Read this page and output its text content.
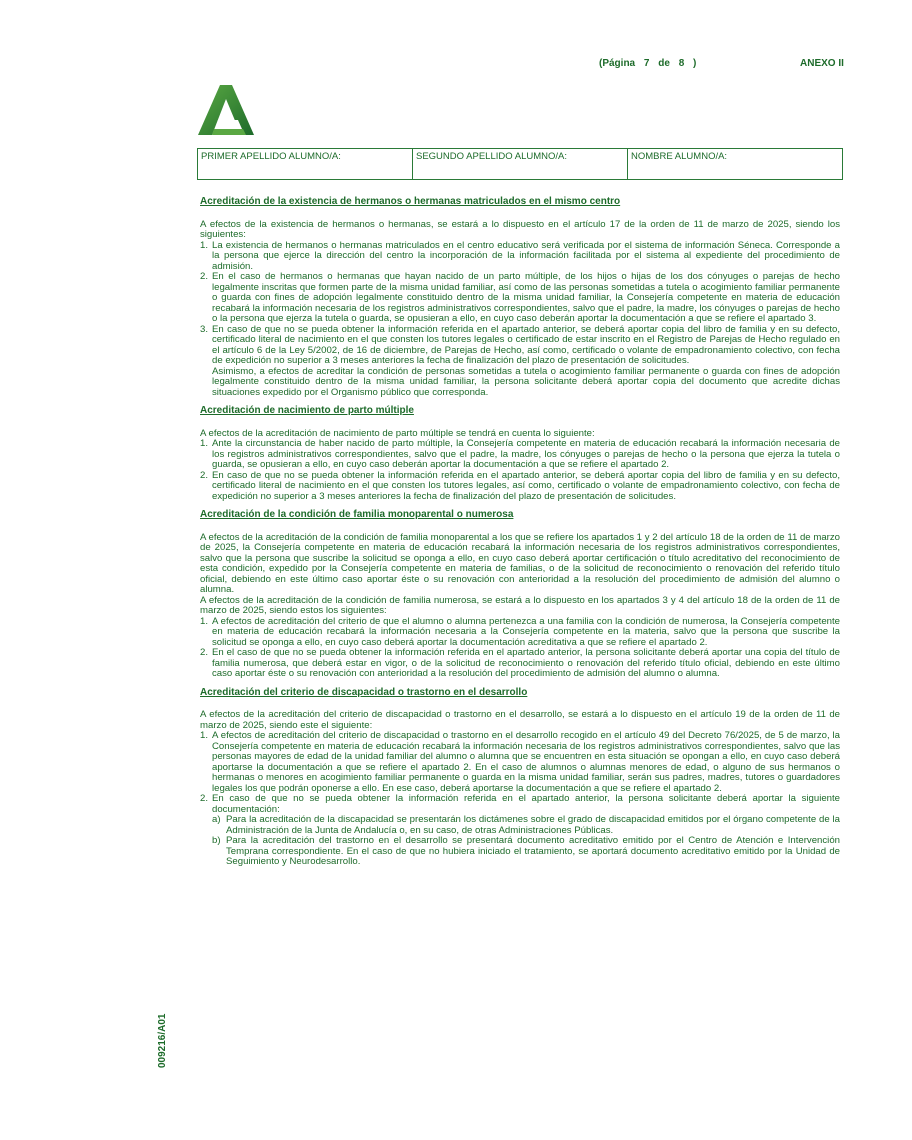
(Página 7 de 8 )	ANEXO II
PRIMER APELLIDO ALUMNO/A:	SEGUNDO APELLIDO ALUMNO/A:	NOMBRE ALUMNO/A:
Acreditación de la existencia de hermanos o hermanas matriculados en el mismo centro

A efectos de la existencia de hermanos o hermanas, se estará a lo dispuesto en el artículo 17 de la orden de 11 de marzo de 2025, siendo los siguientes:

1. La existencia de hermanos o hermanas matriculados en el centro educativo será verificada por el sistema de información Séneca. Corresponde a la persona que ejerce la dirección del centro la incorporación de la información facilitada por el sistema al expediente del procedimiento de admisión.
2. En el caso de hermanos o hermanas que hayan nacido de un parto múltiple, de los hijos o hijas de los dos cónyuges o parejas de hecho legalmente inscritas que formen parte de la misma unidad familiar, así como de las personas sometidas a tutela o acogimiento familiar permanente o guarda con fines de adopción legalmente constituido dentro de la misma unidad familiar, la Consejería competente en materia de educación recabará la información necesaria de los registros administrativos correspondientes, salvo que el padre, la madre, los cónyuges o parejas de hecho o la persona que ejerza la tutela o guarda, se opusieran a ello, en cuyo caso deberán aportar la documentación a que se refiere el apartado 3.
3. En caso de que no se pueda obtener la información referida en el apartado anterior, se deberá aportar copia del libro de familia y en su defecto, certificado literal de nacimiento en el que consten los tutores legales o certificado de estar inscrito en el Registro de Parejas de Hecho regulado en el artículo 6 de la Ley 5/2002, de 16 de diciembre, de Parejas de Hecho, así como, certificado o volante de empadronamiento colectivo, con fecha de expedición no superior a 3 meses anteriores la fecha de finalización del plazo de presentación de solicitudes.

Asimismo, a efectos de acreditar la condición de personas sometidas a tutela o acogimiento familiar permanente o guarda con fines de adopción legalmente constituido dentro de la misma unidad familiar, la persona solicitante deberá aportar copia del documento que acredite dichas situaciones expedido por el Organismo público que corresponda.

Acreditación de nacimiento de parto múltiple

A efectos de la acreditación de nacimiento de parto múltiple se tendrá en cuenta lo siguiente:

1. Ante la circunstancia de haber nacido de parto múltiple, la Consejería competente en materia de educación recabará la información necesaria de los registros administrativos correspondientes, salvo que el padre, la madre, los cónyuges o parejas de hecho o la persona que ejerza la tutela o guarda, se opusieran a ello, en cuyo caso deberán aportar la documentación a que se refiere el apartado 2.
2. En caso de que no se pueda obtener la información referida en el apartado anterior, se deberá aportar copia del libro de familia y en su defecto, certificado literal de nacimiento en el que consten los tutores legales, así como, certificado o volante de empadronamiento colectivo, con fecha de expedición no superior a 3 meses anteriores la fecha de finalización del plazo de presentación de solicitudes.
Acreditación de la condición de familia monoparental o numerosa

A efectos de la acreditación de la condición de familia monoparental a los que se refiere los apartados 1 y 2 del artículo 18 de la orden de 11 de marzo de 2025, la Consejería competente en materia de educación recabará la información necesaria de los registros administrativos correspondientes, salvo que la persona que suscribe la solicitud se oponga a ello, en cuyo caso deberá aportar certificación o título acreditativo del reconocimiento de esta condición, expedido por la Consejería competente en materia de familias, o de la solicitud de reconocimiento o renovación del referido título oficial, debiendo en este último caso aportar éste o su renovación con anterioridad a la resolución del procedimiento de admisión del alumno o alumna.

A efectos de la acreditación de la condición de familia numerosa, se estará a lo dispuesto en los apartados 3 y 4 del artículo 18 de la orden de 11 de marzo de 2025, siendo estos los siguientes:

1. A efectos de acreditación del criterio de que el alumno o alumna pertenezca a una familia con la condición de numerosa, la Consejería competente en materia de educación recabará la información necesaria a la Consejería competente en la materia, salvo que la persona que suscribe la solicitud se oponga a ello, en cuyo caso deberá aportar la documentación acreditativa a que se refiere el apartado 2.
2. En el caso de que no se pueda obtener la información referida en el apartado anterior, la persona solicitante deberá aportar una copia del título de familia numerosa, que deberá estar en vigor, o de la solicitud de reconocimiento o renovación del referido título oficial, debiendo en este último caso aportar éste o su renovación con anterioridad a la resolución del procedimiento de admisión del alumno o alumna.
Acreditación del criterio de discapacidad o trastorno en el desarrollo

A efectos de la acreditación del criterio de discapacidad o trastorno en el desarrollo, se estará a lo dispuesto en el artículo 19 de la orden de 11 de marzo de 2025, siendo este el siguiente:

1. A efectos de acreditación del criterio de discapacidad o trastorno en el desarrollo recogido en el artículo 49 del Decreto 76/2025, de 5 de marzo, la Consejería competente en materia de educación recabará la información necesaria de los registros administrativos correspondientes, salvo que las personas mayores de edad de la unidad familiar del alumno o alumna que se encuentren en esta situación se opongan a ello, en cuyo caso deberá aportarse la documentación a que se refiere el apartado 2. En el caso de alumnos o alumnas menores de edad, o alguno de sus hermanos o hermanas o menores en acogimiento familiar permanente o guarda en la misma unidad familiar, serán sus padres, madres, tutores o guardadores legales los que podrán oponerse a ello. En ese caso, deberá aportarse la documentación a que se refiere el apartado 2.
2. En caso de que no se pueda obtener la información referida en el apartado anterior, la persona solicitante deberá aportar la siguiente documentación:
a) Para la acreditación de la discapacidad se presentarán los dictámenes sobre el grado de discapacidad emitidos por el órgano competente de la Administración de la Junta de Andalucía o, en su caso, de otras Administraciones Públicas.
b) Para la acreditación del trastorno en el desarrollo se presentará documento acreditativo emitido por el Centro de Atención e Intervención Temprana correspondiente. En el caso de que no hubiera iniciado el tratamiento, se aportará documento acreditativo emitido por la Unidad de Seguimiento y Neurodesarrollo.
009216/A01
